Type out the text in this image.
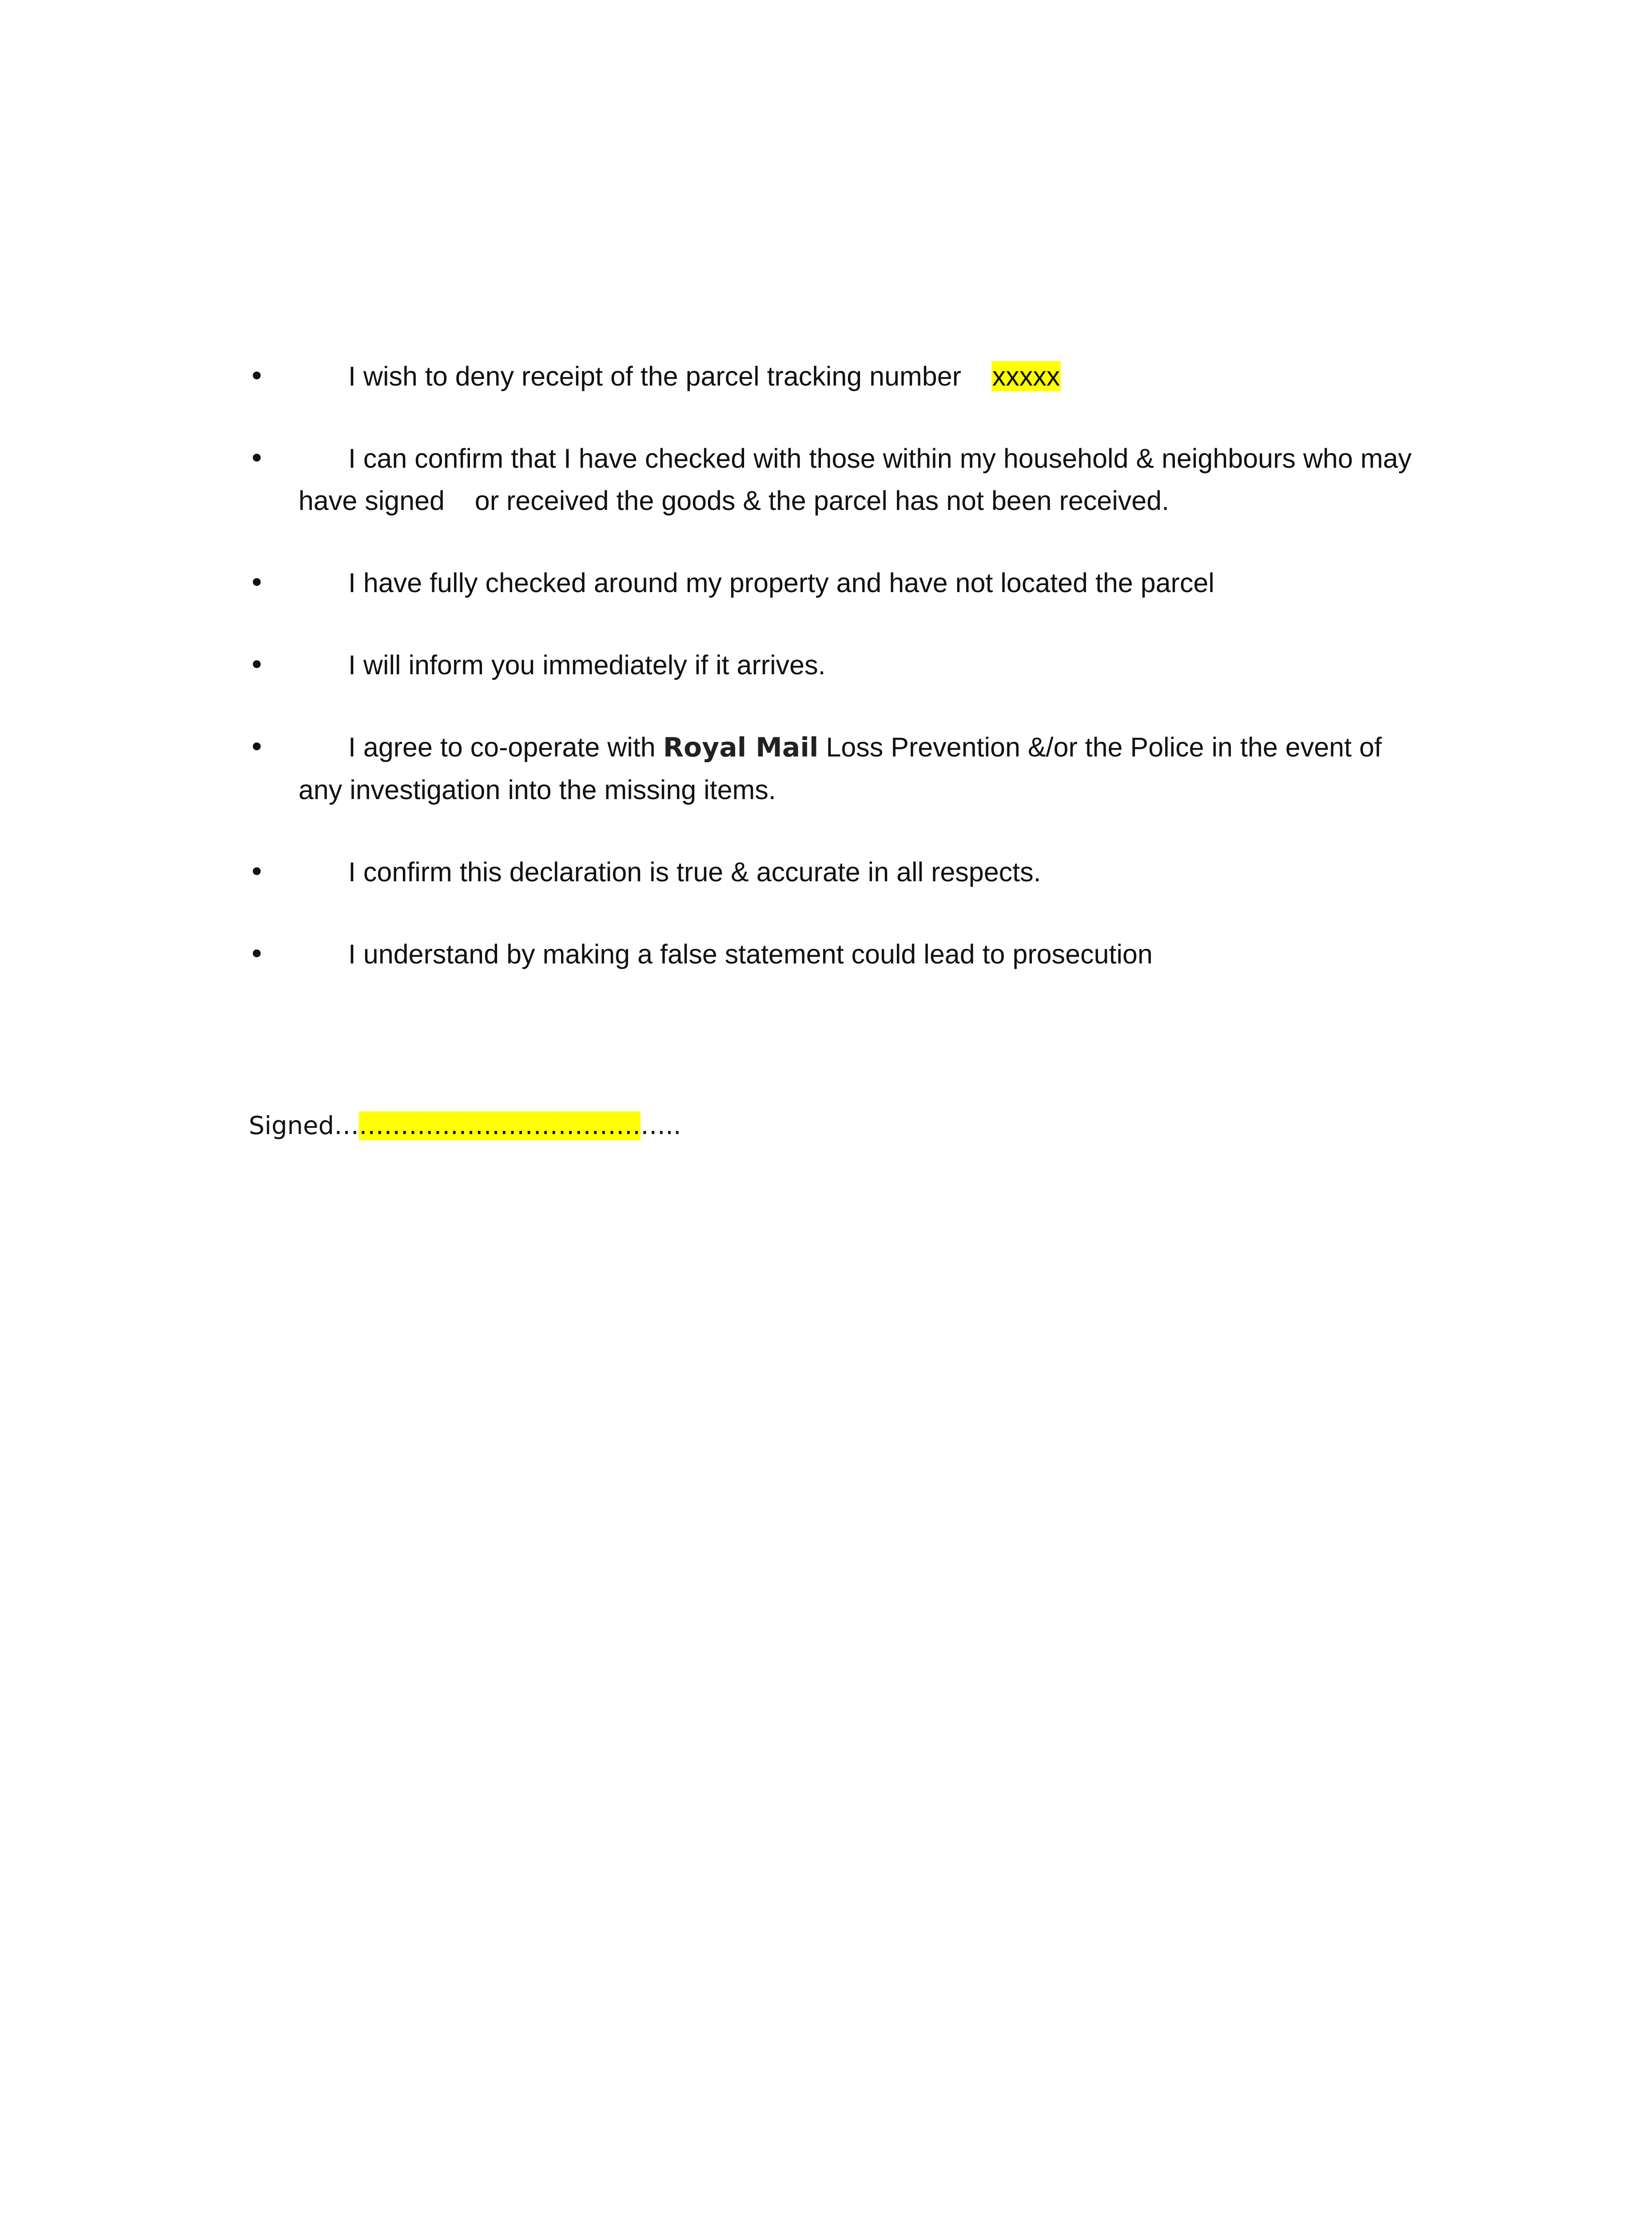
•	I wish to deny receipt of the parcel tracking number xxxxx
•	I can confirm that I have checked with those within my household & neighbours who may have signed    or received the goods & the parcel has not been received.
•	I have fully checked around my property and have not located the parcel
•	I will inform you immediately if it arrives.
•	I agree to co-operate with Royal Mail Loss Prevention &/or the Police in the event of any investigation into the missing items.
•	I confirm this declaration is true & accurate in all respects.
•	I understand by making a false statement could lead to prosecution
Signed……………………………….…..
